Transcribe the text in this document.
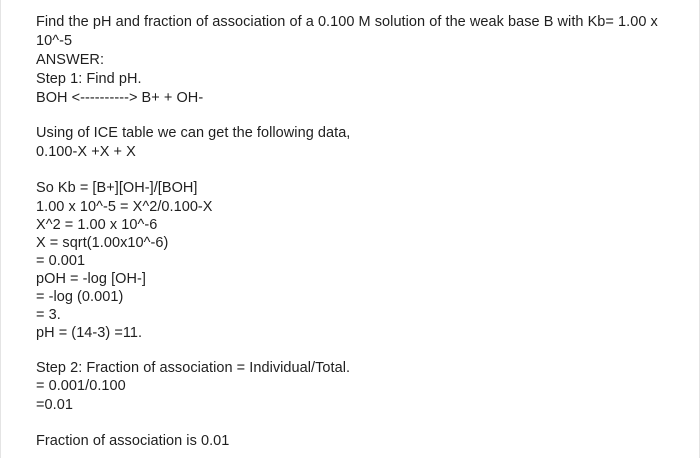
Find the pH and fraction of association of a 0.100 M solution of the weak base B with Kb= 1.00 x
10^-5
ANSWER:
Step 1: Find pH.
BOH <----------> B+ + OH-
Using of ICE table we can get the following data,
0.100-X +X + X
So Kb = [B+][OH-]/[BOH]
1.00 x 10^-5 = X^2/0.100-X
X^2 = 1.00 x 10^-6
X = sqrt(1.00x10^-6)
= 0.001
pOH = -log [OH-]
= -log (0.001)
= 3.
pH = (14-3) =11.
Step 2: Fraction of association = Individual/Total.
= 0.001/0.100
=0.01
Fraction of association is 0.01
